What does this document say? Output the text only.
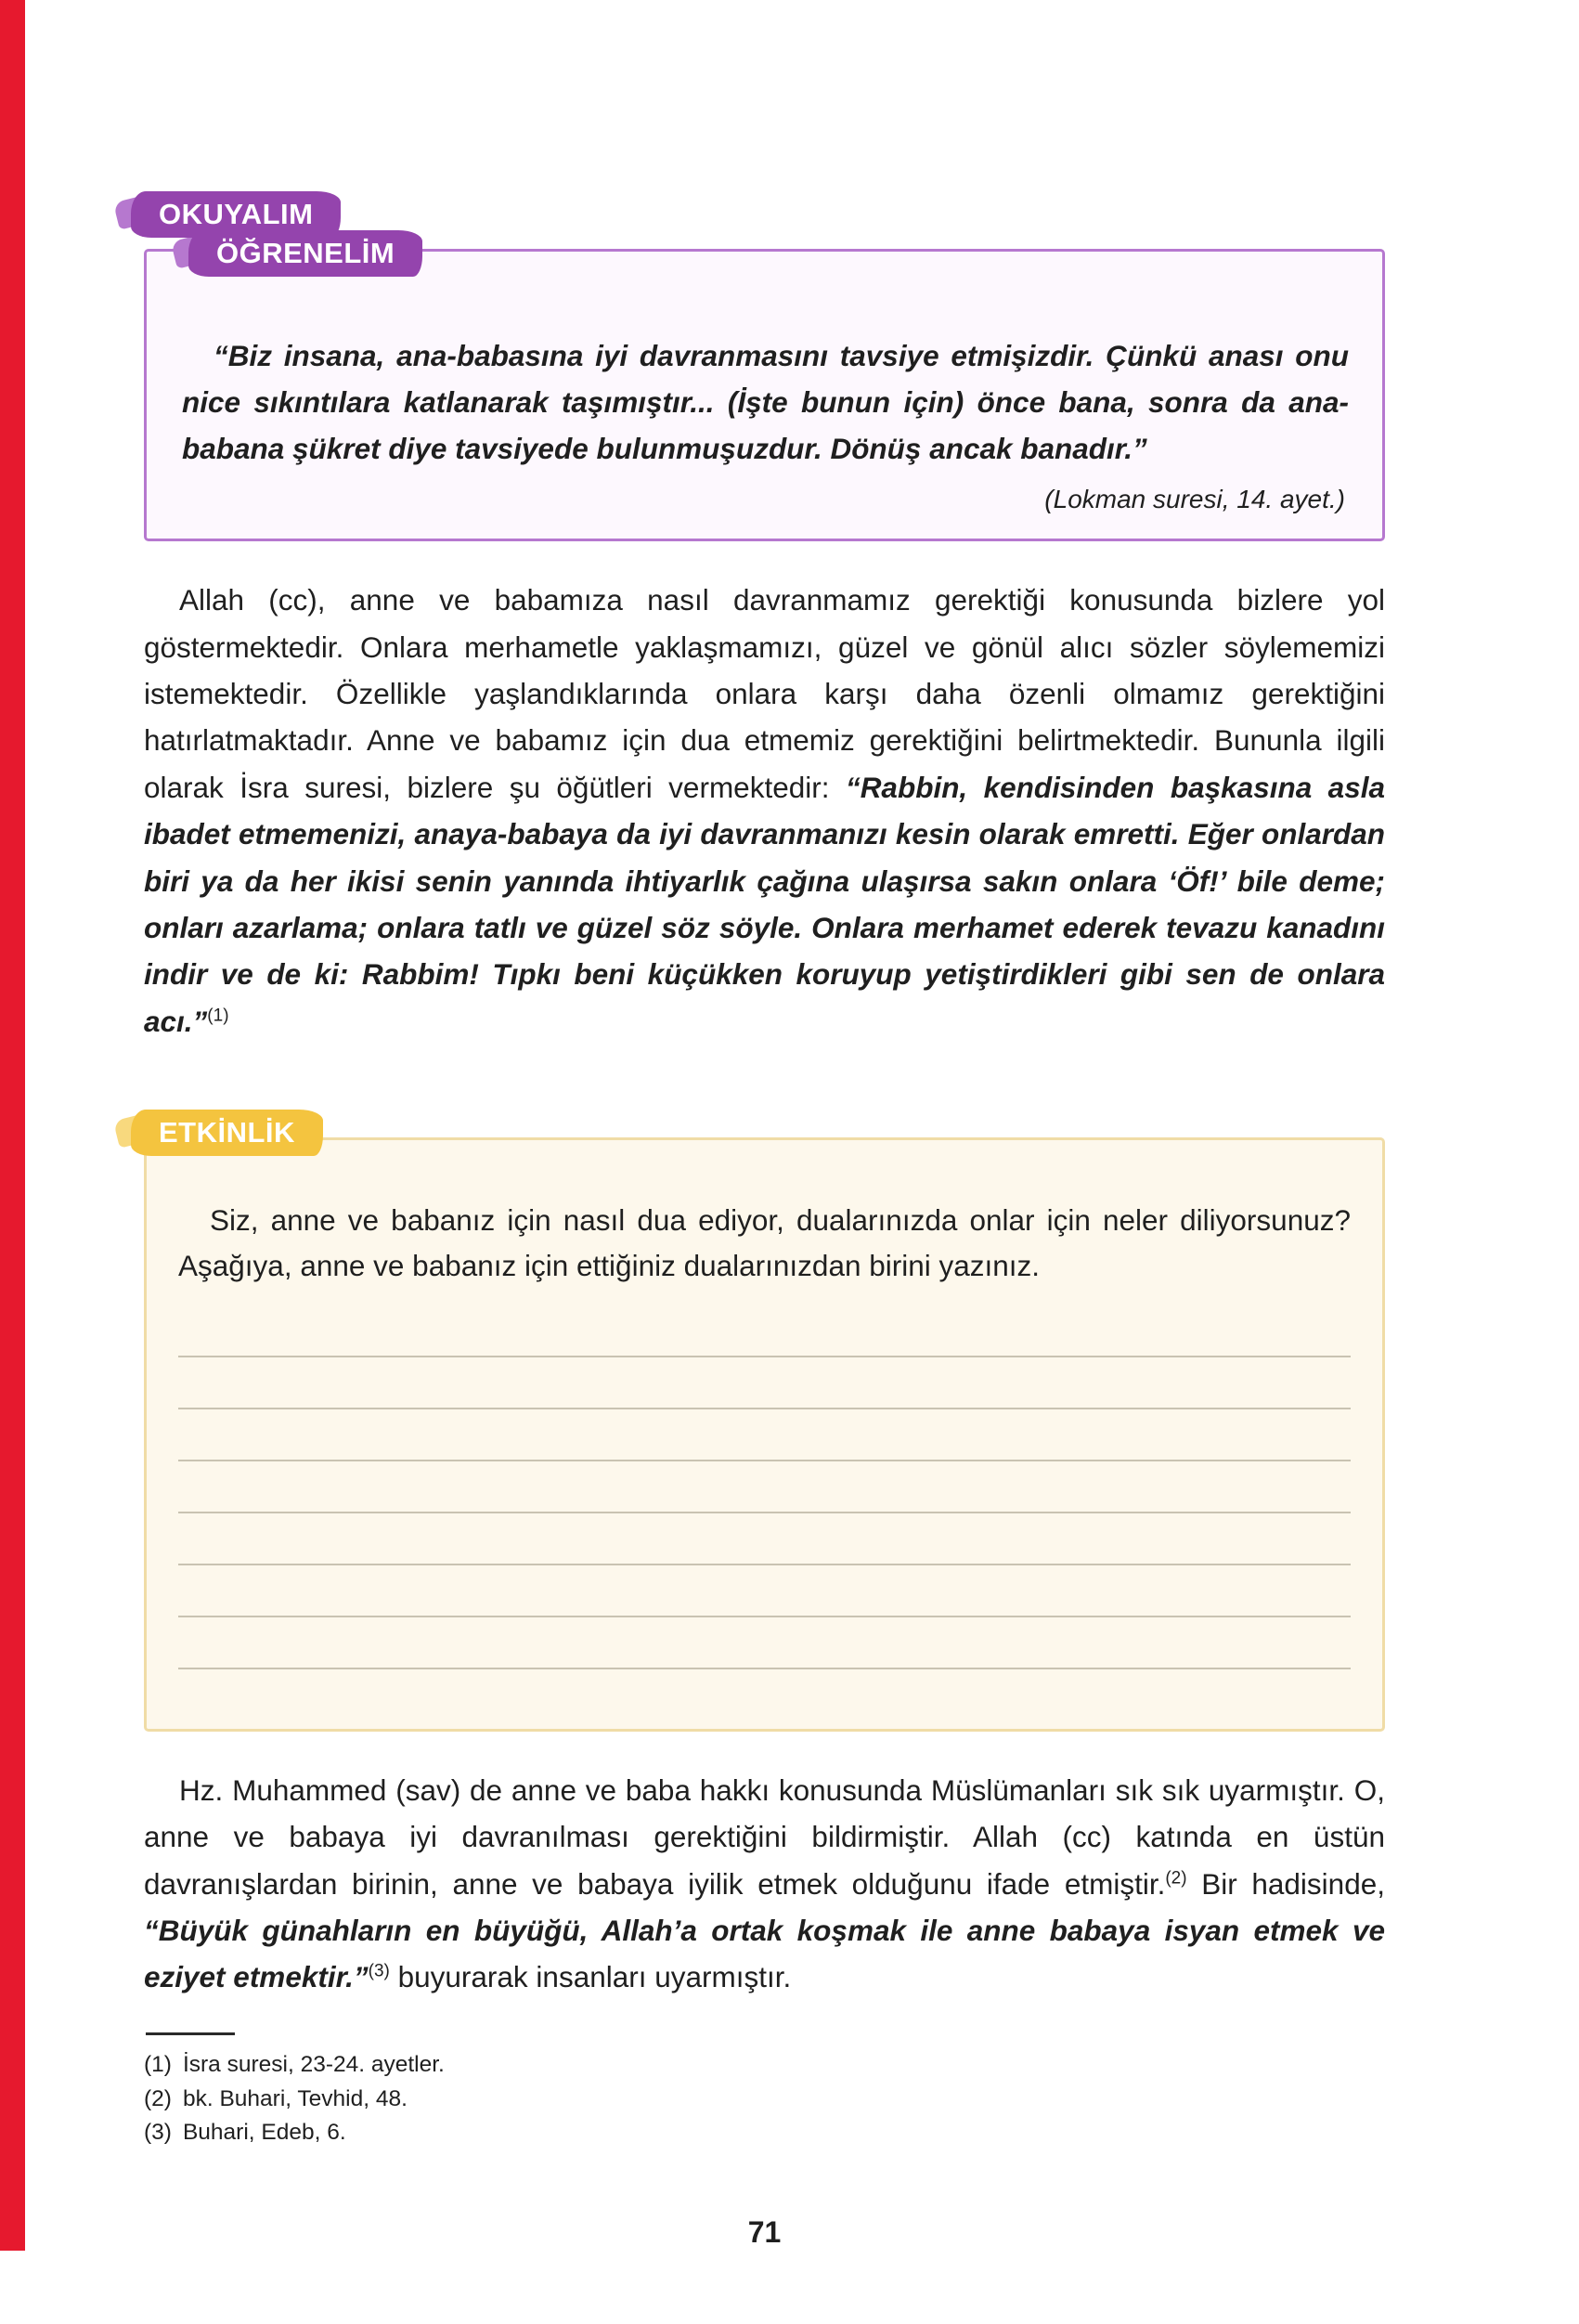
OKUYALIM
ÖĞRENELİM

“Biz insana, ana-babasına iyi davranmasını tavsiye etmişizdir. Çünkü anası onu nice sıkıntılara katlanarak taşımıştır... (İşte bunun için) önce bana, sonra da ana-babana şükret diye tavsiyede bulunmuşuzdur. Dönüş ancak banadır.”

(Lokman suresi, 14. ayet.)

Allah (cc), anne ve babamıza nasıl davranmamız gerektiği konusunda bizlere yol göstermektedir. Onlara merhametle yaklaşmamızı, güzel ve gönül alıcı sözler söylememizi istemektedir. Özellikle yaşlandıklarında onlara karşı daha özenli olmamız gerektiğini hatırlatmaktadır. Anne ve babamız için dua etmemiz gerektiğini belirtmektedir. Bununla ilgili olarak İsra suresi, bizlere şu öğütleri vermektedir: “Rabbin, kendisinden başkasına asla ibadet etmemenizi, anaya-babaya da iyi davranmanızı kesin olarak emretti. Eğer onlardan biri ya da her ikisi senin yanında ihtiyarlık çağına ulaşırsa sakın onlara ‘Öf!’ bile deme; onları azarlama; onlara tatlı ve güzel söz söyle. Onlara merhamet ederek tevazu kanadını indir ve de ki: Rabbim! Tıpkı beni küçükken koruyup yetiştirdikleri gibi sen de onlara acı.”$^{(1)}$

ETKİNLİK

Siz, anne ve babanız için nasıl dua ediyor, dualarınızda onlar için neler diliyorsunuz? Aşağıya, anne ve babanız için ettiğiniz dualarınızdan birini yazınız.

Hz. Muhammed (sav) de anne ve baba hakkı konusunda Müslümanları sık sık uyarmıştır. O, anne ve babaya iyi davranılması gerektiğini bildirmiştir. Allah (cc) katında en üstün davranışlardan birinin, anne ve babaya iyilik etmek olduğunu ifade etmiştir.$^{(2)}$ Bir hadisinde, “Büyük günahların en büyüğü, Allah’a ortak koşmak ile anne babaya isyan etmek ve eziyet etmektir.”$^{(3)}$ buyurarak insanları uyarmıştır.

(1) İsra suresi, 23-24. ayetler.
(2) bk. Buhari, Tevhid, 48.
(3) Buhari, Edeb, 6.
71
